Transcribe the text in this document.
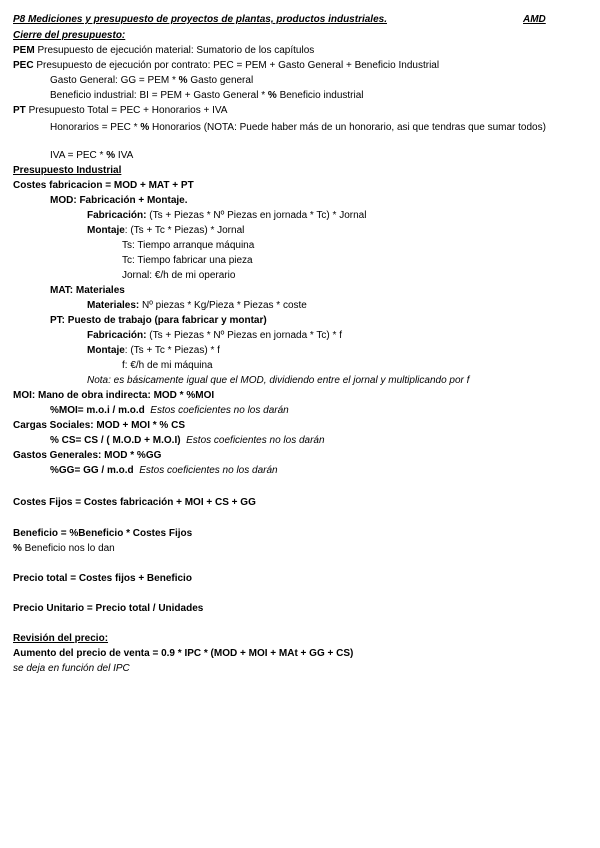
P8 Mediciones y presupuesto de proyectos de plantas, productos industriales.	AMD
Cierre del presupuesto:
PEM Presupuesto de ejecución material: Sumatorio de los capítulos
PEC Presupuesto de ejecución por contrato: PEC = PEM + Gasto General + Beneficio Industrial
Gasto General: GG = PEM * % Gasto general
Beneficio industrial: BI = PEM + Gasto General * % Beneficio industrial
PT Presupuesto Total = PEC + Honorarios + IVA
Honorarios = PEC * % Honorarios (NOTA: Puede haber más de un honorario, asi que tendras que sumar todos)
IVA = PEC * % IVA
Presupuesto Industrial
Costes fabricacion = MOD + MAT + PT
MOD: Fabricación + Montaje.
Fabricación: (Ts + Piezas * Nº Piezas en jornada * Tc) * Jornal
Montaje: (Ts + Tc * Piezas) * Jornal
Ts: Tiempo arranque máquina
Tc: Tiempo fabricar una pieza
Jornal: €/h de mi operario
MAT: Materiales
Materiales: Nº piezas * Kg/Pieza * Piezas * coste
PT: Puesto de trabajo (para fabricar y montar)
Fabricación: (Ts + Piezas * Nº Piezas en jornada * Tc) * f
Montaje: (Ts + Tc * Piezas) * f
f: €/h de mi máquina
Nota: es básicamente igual que el MOD, dividiendo entre el jornal y multiplicando por f
MOI: Mano de obra indirecta: MOD * %MOI
%MOI= m.o.i / m.o.d Estos coeficientes no los darán
Cargas Sociales: MOD + MOI * % CS
% CS= CS / ( M.O.D + M.O.I) Estos coeficientes no los darán
Gastos Generales: MOD * %GG
%GG= GG / m.o.d Estos coeficientes no los darán
Costes Fijos = Costes fabricación + MOI + CS + GG
Beneficio = %Beneficio * Costes Fijos
% Beneficio nos lo dan
Precio total = Costes fijos + Beneficio
Precio Unitario = Precio total / Unidades
Revisión del precio:
Aumento del precio de venta = 0.9 * IPC * (MOD + MOI + MAt + GG + CS)
se deja en función del IPC
